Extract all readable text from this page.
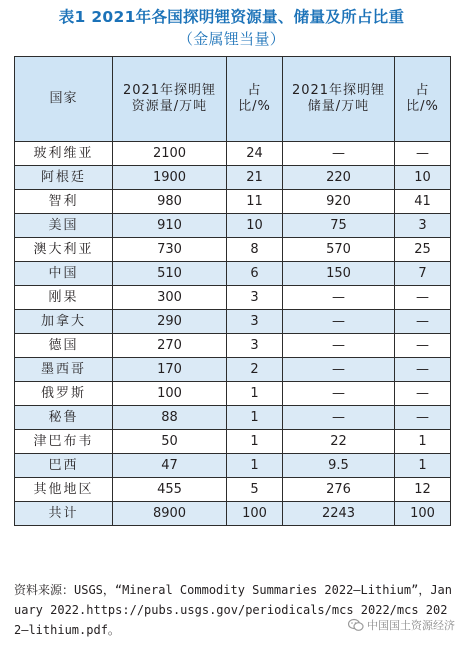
表1 2021年各国探明锂资源量、储量及所占比重
（金属锂当量）
国家	2021年探明锂资源量/万吨	占比/%	2021年探明锂储量/万吨	占比/%
玻利维亚	2100	24	—	—
阿根廷	1900	21	220	10
智利	980	11	920	41
美国	910	10	75	3
澳大利亚	730	8	570	25
中国	510	6	150	7
刚果	300	3	—	—
加拿大	290	3	—	—
德国	270	3	—	—
墨西哥	170	2	—	—
俄罗斯	100	1	—	—
秘鲁	88	1	—	—
津巴布韦	50	1	22	1
巴西	47	1	9.5	1
其他地区	455	5	276	12
共计	8900	100	2243	100
资料来源：USGS，“Mineral Commodity Summaries 2022—Lithium”，January 2022.https://pubs.usgs.gov/periodicals/mcs 2022/mcs 2022—lithium.pdf。	中国国土资源经济
